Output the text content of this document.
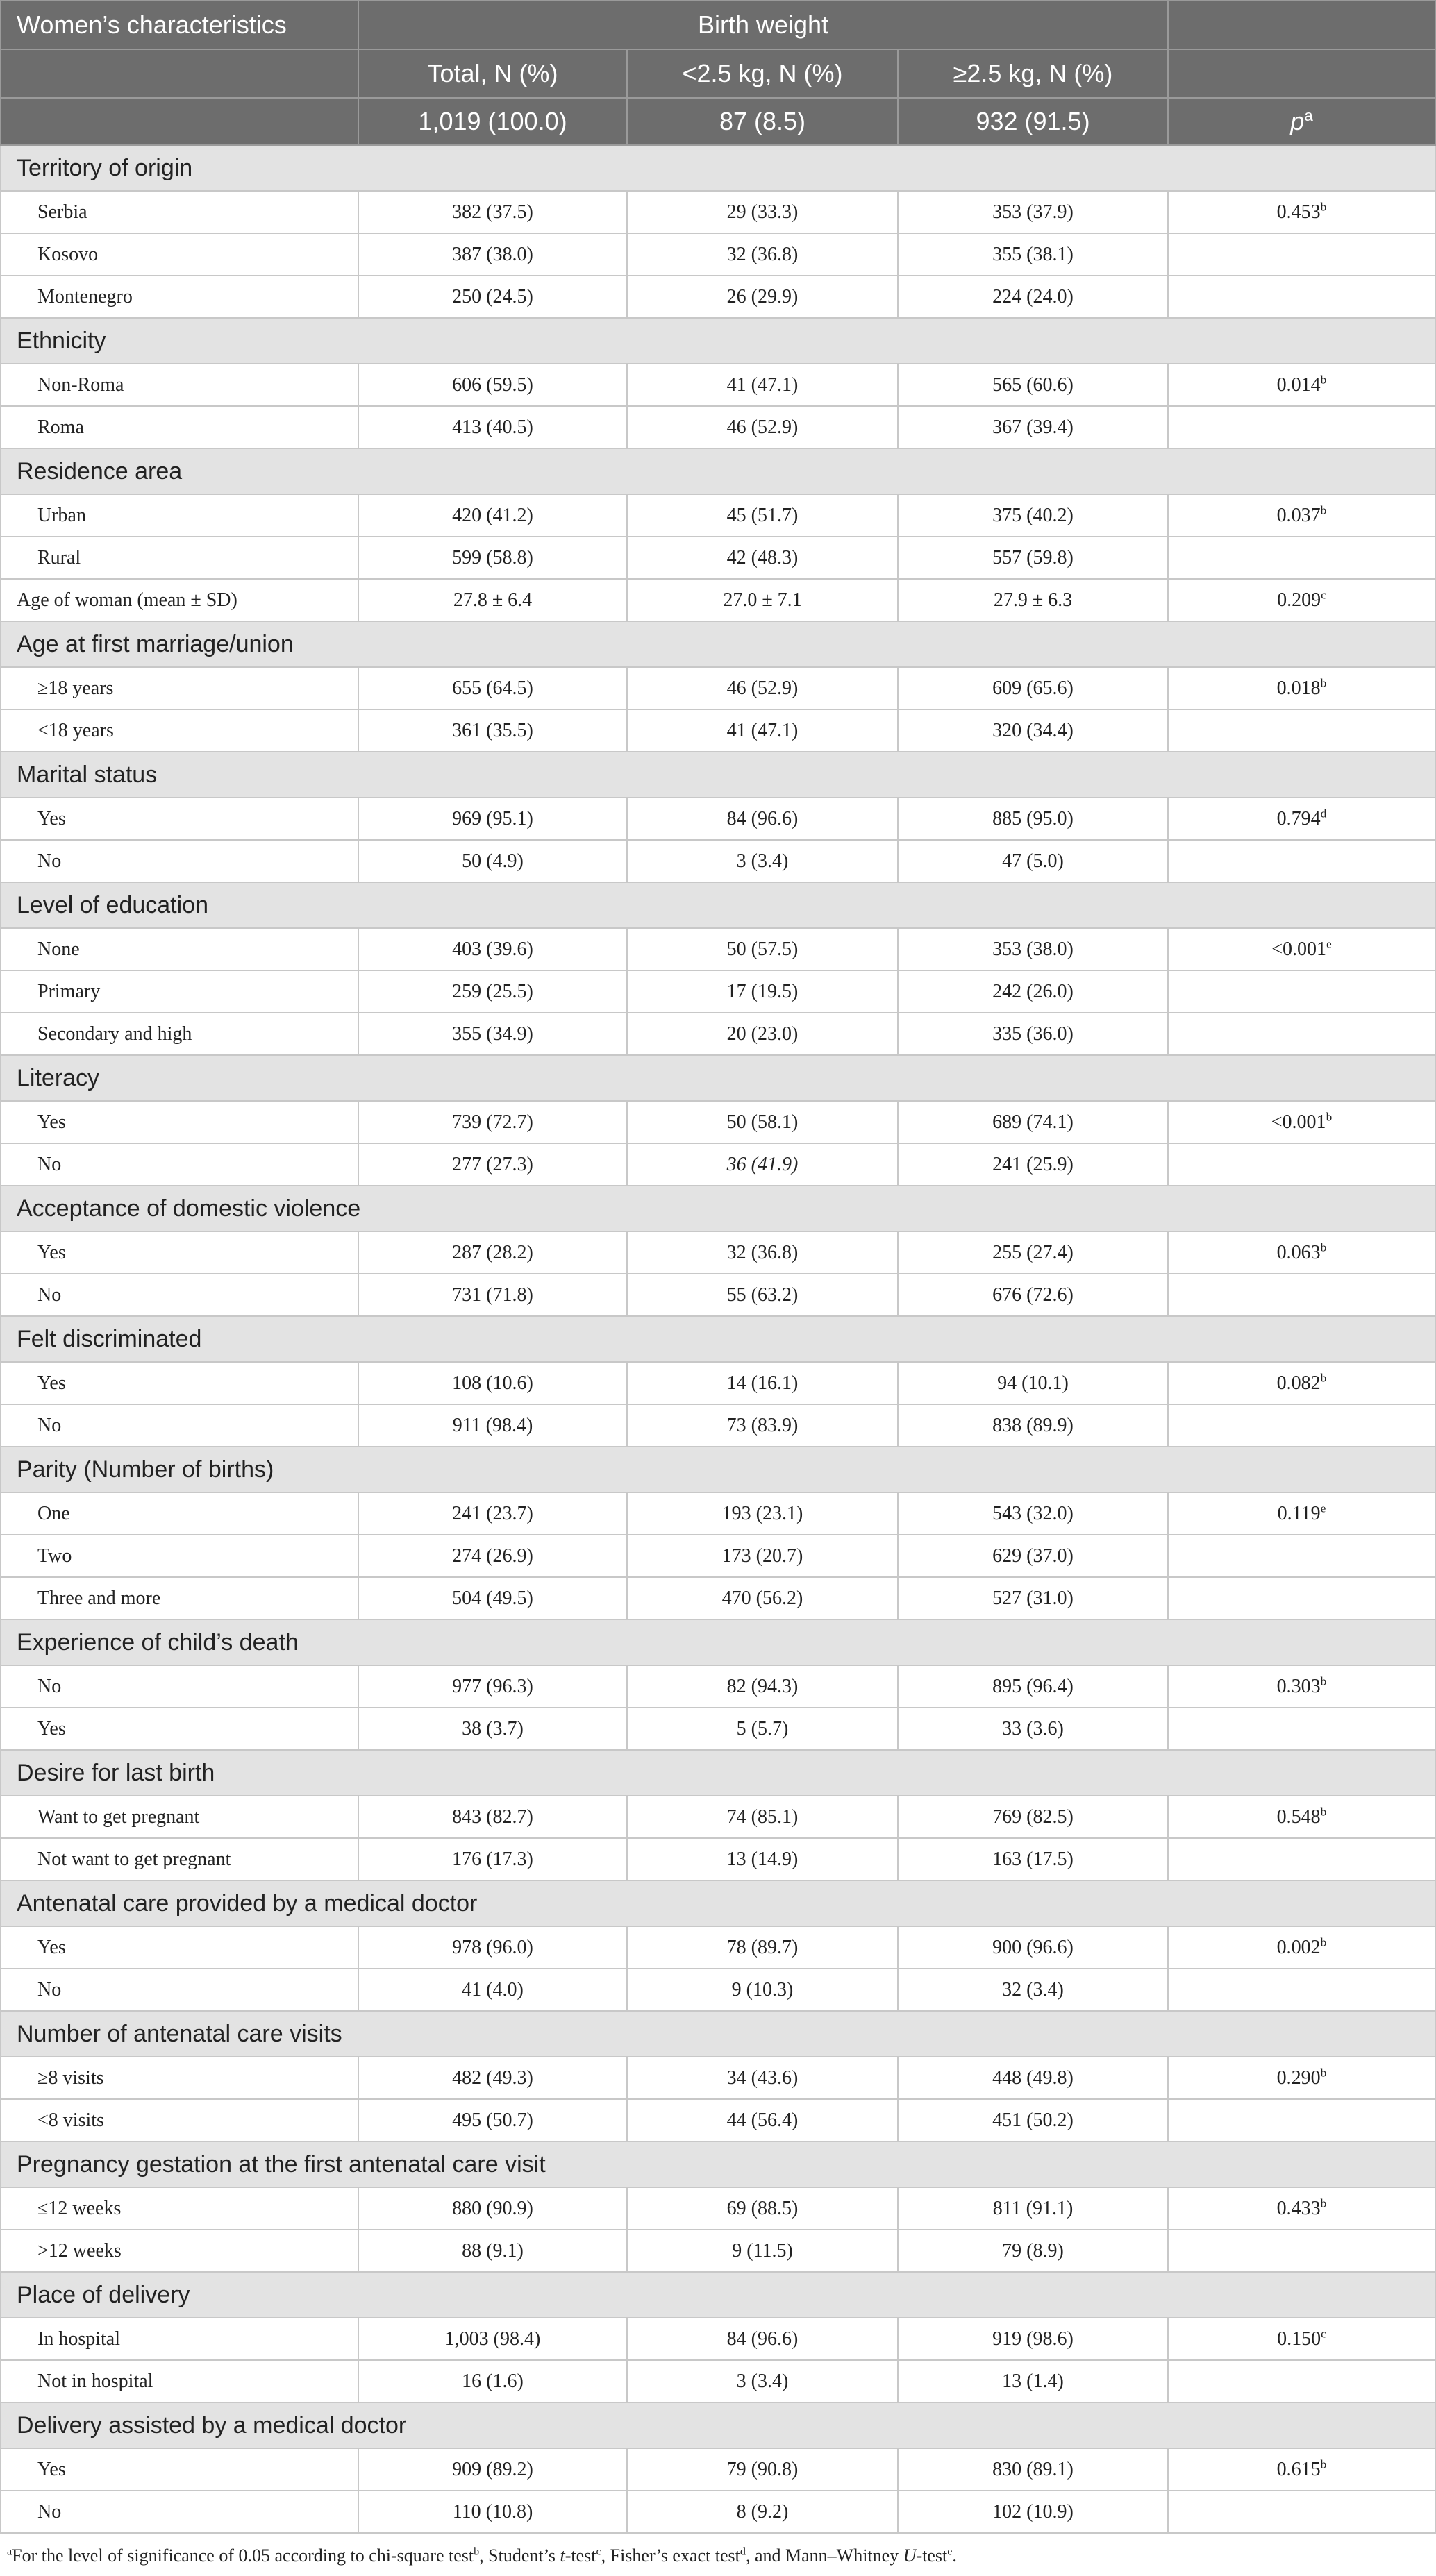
Women’s characteristics	Birth weight			
	Total, N (%)	<2.5 kg, N (%)	≥2.5 kg, N (%)	
	1,019 (100.0)	87 (8.5)	932 (91.5)	$p^a$
Territory of origin				
Serbia	382 (37.5)	29 (33.3)	353 (37.9)	0.453$^b$
Kosovo	387 (38.0)	32 (36.8)	355 (38.1)	
Montenegro	250 (24.5)	26 (29.9)	224 (24.0)	
Ethnicity				
Non-Roma	606 (59.5)	41 (47.1)	565 (60.6)	0.014$^b$
Roma	413 (40.5)	46 (52.9)	367 (39.4)	
Residence area				
Urban	420 (41.2)	45 (51.7)	375 (40.2)	0.037$^b$
Rural	599 (58.8)	42 (48.3)	557 (59.8)	
Age of woman (mean ± SD)	27.8 ± 6.4	27.0 ± 7.1	27.9 ± 6.3	0.209$^c$
Age at first marriage/union				
≥18 years	655 (64.5)	46 (52.9)	609 (65.6)	0.018$^b$
<18 years	361 (35.5)	41 (47.1)	320 (34.4)	
Marital status				
Yes	969 (95.1)	84 (96.6)	885 (95.0)	0.794$^d$
No	50 (4.9)	3 (3.4)	47 (5.0)	
Level of education				
None	403 (39.6)	50 (57.5)	353 (38.0)	<0.001$^e$
Primary	259 (25.5)	17 (19.5)	242 (26.0)	
Secondary and high	355 (34.9)	20 (23.0)	335 (36.0)	
Literacy				
Yes	739 (72.7)	50 (58.1)	689 (74.1)	<0.001$^b$
No	277 (27.3)	36 (41.9)	241 (25.9)	
Acceptance of domestic violence				
Yes	287 (28.2)	32 (36.8)	255 (27.4)	0.063$^b$
No	731 (71.8)	55 (63.2)	676 (72.6)	
Felt discriminated				
Yes	108 (10.6)	14 (16.1)	94 (10.1)	0.082$^b$
No	911 (98.4)	73 (83.9)	838 (89.9)	
Parity (Number of births)				
One	241 (23.7)	193 (23.1)	543 (32.0)	0.119e
Two	274 (26.9)	173 (20.7)	629 (37.0)	
Three and more	504 (49.5)	470 (56.2)	527 (31.0)	
Experience of child’s death				
No	977 (96.3)	82 (94.3)	895 (96.4)	0.303$^b$
Yes	38 (3.7)	5 (5.7)	33 (3.6)	
Desire for last birth				
Want to get pregnant	843 (82.7)	74 (85.1)	769 (82.5)	0.548$^b$
Not want to get pregnant	176 (17.3)	13 (14.9)	163 (17.5)	
Antenatal care provided by a medical doctor				
Yes	978 (96.0)	78 (89.7)	900 (96.6)	0.002$^b$
No	41 (4.0)	9 (10.3)	32 (3.4)	
Number of antenatal care visits				
≥8 visits	482 (49.3)	34 (43.6)	448 (49.8)	0.290$^b$
<8 visits	495 (50.7)	44 (56.4)	451 (50.2)	
Pregnancy gestation at the first antenatal care visit				
≤12 weeks	880 (90.9)	69 (88.5)	811 (91.1)	0.433$^b$
>12 weeks	88 (9.1)	9 (11.5)	79 (8.9)	
Place of delivery				
In hospital	1,003 (98.4)	84 (96.6)	919 (98.6)	0.150$^c$
Not in hospital	16 (1.6)	3 (3.4)	13 (1.4)	
Delivery assisted by a medical doctor				
Yes	909 (89.2)	79 (90.8)	830 (89.1)	0.615$^b$
No	110 (10.8)	8 (9.2)	102 (10.9)	
$^a$For the level of significance of 0.05 according to chi-square test$^b$, Student’s t-test$^c$, Fisher’s exact test$^d$, and Mann–Whitney U-test$^e$.
